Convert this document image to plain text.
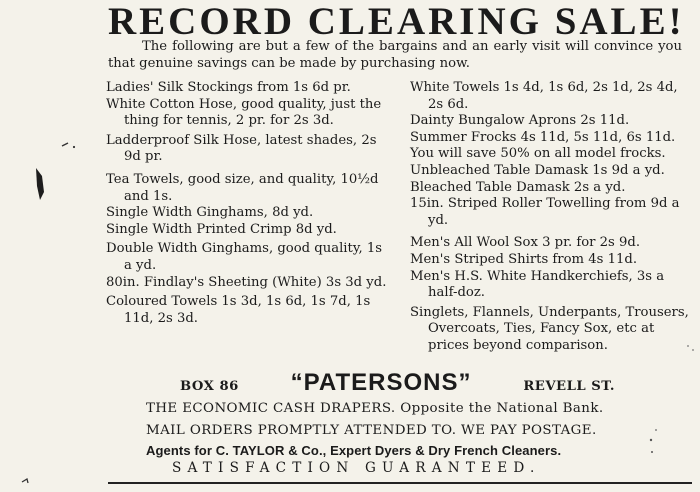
RECORD CLEARING SALE!

The following are but a few of the bargains and an early visit will convince you that genuine savings can be made by purchasing now.

Ladies' Silk Stockings from 1s 6d pr.

White Cotton Hose, good quality, just the thing for tennis, 2 pr. for 2s 3d.

Ladderproof Silk Hose, latest shades, 2s 9d pr.

Tea Towels, good size, and quality, 10½d and 1s.

Single Width Ginghams, 8d yd.

Single Width Printed Crimp 8d yd.

Double Width Ginghams, good quality, 1s a yd.

80in. Findlay's Sheeting (White) 3s 3d yd.

Coloured Towels 1s 3d, 1s 6d, 1s 7d, 1s 11d, 2s 3d.

White Towels 1s 4d, 1s 6d, 2s 1d, 2s 4d, 2s 6d.

Dainty Bungalow Aprons 2s 11d.

Summer Frocks 4s 11d, 5s 11d, 6s 11d.

You will save 50% on all model frocks.

Unbleached Table Damask 1s 9d a yd.

Bleached Table Damask 2s a yd.

15in. Striped Roller Towelling from 9d a yd.

Men's All Wool Sox 3 pr. for 2s 9d.

Men's Striped Shirts from 4s 11d.

Men's H.S. White Handkerchiefs, 3s a half-doz.

Singlets, Flannels, Underpants, Trousers, Overcoats, Ties, Fancy Sox, etc at prices beyond comparison.

BOX 86 “PATERSONS”	REVELL ST.
THE ECONOMIC CASH DRAPERS. Opposite the National Bank.
MAIL ORDERS PROMPTLY ATTENDED TO. WE PAY POSTAGE.
Agents for C. TAYLOR & Co., Expert Dyers & Dry French Cleaners.
SATISFACTION GUARANTEED.
